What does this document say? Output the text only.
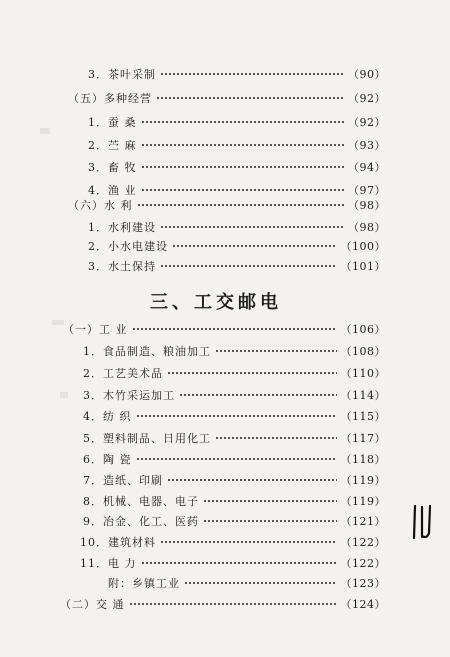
3．茶叶采制	（90）
（五）多种经营	（92）
1．蚕 桑	（92）
2．苎 麻	（93）
3．畜 牧	（94）
4．渔 业	（97）
（六）水 利	（98）
1．水利建设	（98）
2．小水电建设	（100）
3．水土保持	（101）
三、工交邮电
（一）工 业	（106）
1．食品制造、粮油加工	（108）
2．工艺美术品	（110）
3．木竹采运加工	（114）
4．纺 织	（115）
5．塑料制品、日用化工	（117）
6．陶 瓷	（118）
7．造纸、印刷	（119）
8．机械、电器、电子	（119）
9．冶金、化工、医药	（121）
10．建筑材料	（122）
11．电 力	（122）
附：乡镇工业	（123）
（二）交 通	（124）
